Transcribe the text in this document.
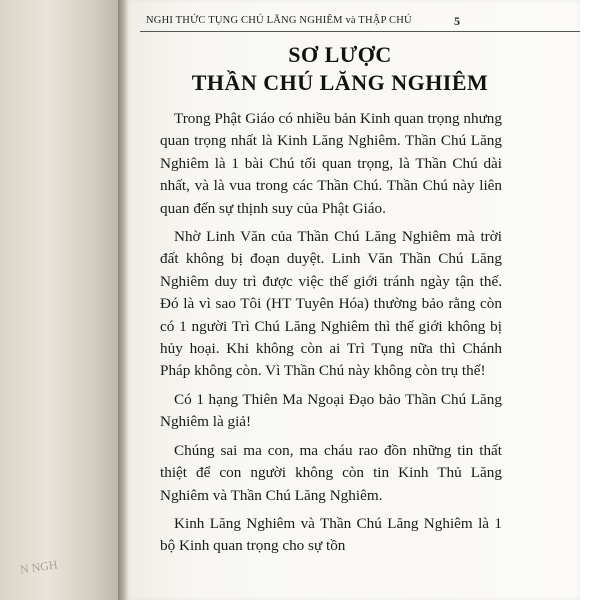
N NGH
NGHI THỨC TỤNG CHÚ LĂNG NGHIÊM và THẬP CHÚ	5
SƠ LƯỢC
THẦN CHÚ LĂNG NGHIÊM

Trong Phật Giáo có nhiều bản Kinh quan trọng nhưng quan trọng nhất là Kinh Lăng Nghiêm. Thần Chú Lăng Nghiêm là 1 bài Chú tối quan trọng, là Thần Chú dài nhất, và là vua trong các Thần Chú. Thần Chú này liên quan đến sự thịnh suy của Phật Giáo.

Nhờ Linh Văn của Thần Chú Lăng Nghiêm mà trời đất không bị đoạn duyệt. Linh Văn Thần Chú Lăng Nghiêm duy trì được việc thế giới tránh ngày tận thế. Đó là vì sao Tôi (HT Tuyên Hóa) thường bảo rằng còn có 1 người Trì Chú Lăng Nghiêm thì thế giới không bị hủy hoại. Khi không còn ai Trì Tụng nữa thì Chánh Pháp không còn. Vì Thần Chú này không còn trụ thế!

Có 1 hạng Thiên Ma Ngoại Đạo bảo Thần Chú Lăng Nghiêm là giả!

Chúng sai ma con, ma cháu rao đồn những tin thất thiệt để con người không còn tin Kinh Thủ Lăng Nghiêm và Thần Chú Lăng Nghiêm.

Kinh Lăng Nghiêm và Thần Chú Lăng Nghiêm là 1 bộ Kinh quan trọng cho sự tồn
